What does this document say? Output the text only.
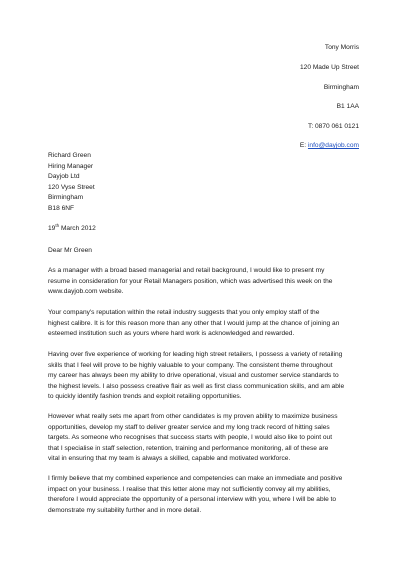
Tony Morris
120 Made Up Street
Birmingham
B1 1AA
T: 0870 061 0121
E: info@dayjob.com
Richard Green
Hiring Manager
Dayjob Ltd
120 Vyse Street
Birmingham
B18 6NF
19th March 2012
Dear Mr Green
As a manager with a broad based managerial and retail background, I would like to present my
resume in consideration for your Retail Managers position, which was advertised this week on the
www.dayjob.com website.
Your company's reputation within the retail industry suggests that you only employ staff of the
highest calibre. It is for this reason more than any other that I would jump at the chance of joining an
esteemed institution such as yours where hard work is acknowledged and rewarded.
Having over five experience of working for leading high street retailers, I possess a variety of retailing
skills that I feel will prove to be highly valuable to your company. The consistent theme throughout
my career has always been my ability to drive operational, visual and customer service standards to
the highest levels. I also possess creative flair as well as first class communication skills, and am able
to quickly identify fashion trends and exploit retailing opportunities.
However what really sets me apart from other candidates is my proven ability to maximize business
opportunities, develop my staff to deliver greater service and my long track record of hitting sales
targets. As someone who recognises that success starts with people, I would also like to point out
that I specialise in staff selection, retention, training and performance monitoring, all of these are
vital in ensuring that my team is always a skilled, capable and motivated workforce.
I firmly believe that my combined experience and competencies can make an immediate and positive
impact on your business. I realise that this letter alone may not sufficiently convey all my abilities,
therefore I would appreciate the opportunity of a personal interview with you, where I will be able to
demonstrate my suitability further and in more detail.
